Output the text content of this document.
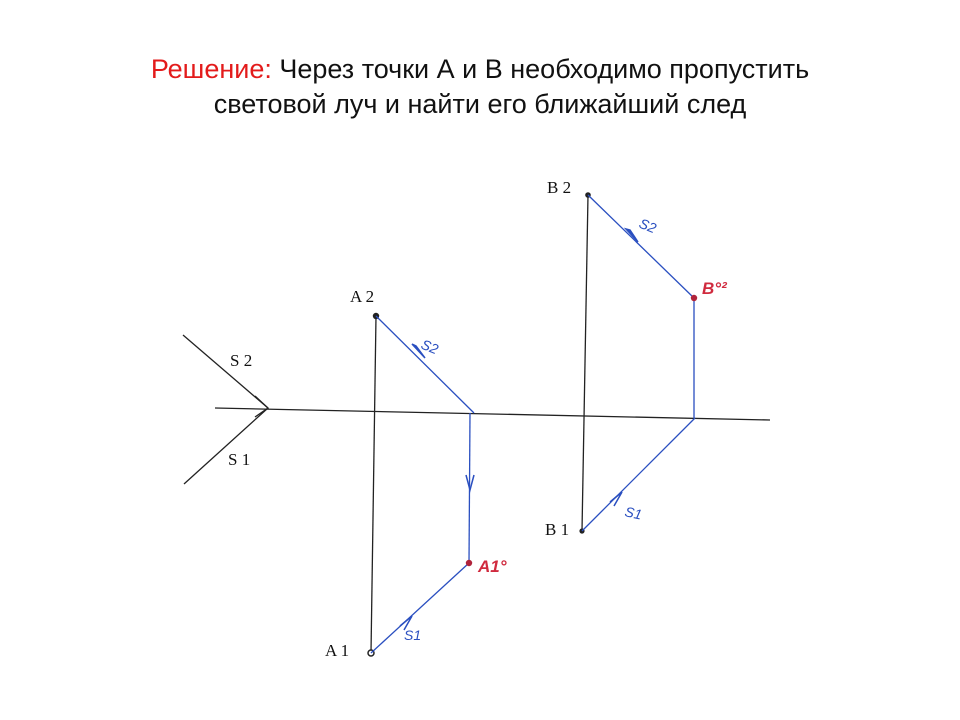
Решение: Через точки А и В необходимо пропустить
световой луч и найти его ближайший след
S 2
S 1
A 2
A 1
B 2
B 1
S2
S1
S2
S1
A1°
B°²
